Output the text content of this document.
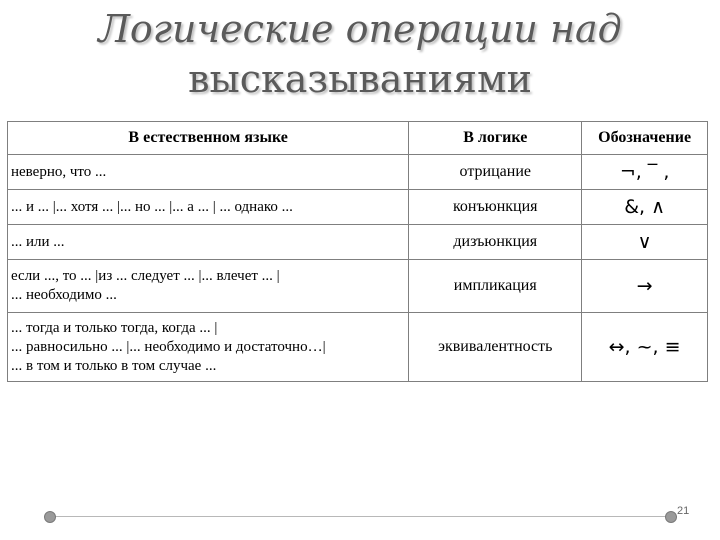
Логические операции над
высказываниями
В естественном языке	В логике	Обозначение

неверно, что ...	отрицание	¬, ‾ ,

... и ... |... хотя ... |... но ... |... а ... | ... однако ...	конъюнкция	&, ∧

... или ...	дизъюнкция	∨

если ..., то ... |из ... следует ... |... влечет ... |
... необходимо ...	импликация	→

... тогда и только тогда, когда ... |
... равносильно ... |... необходимо и достаточно…|
... в том и только в том случае ...	эквивалентность	↔, ~, ≡
21
